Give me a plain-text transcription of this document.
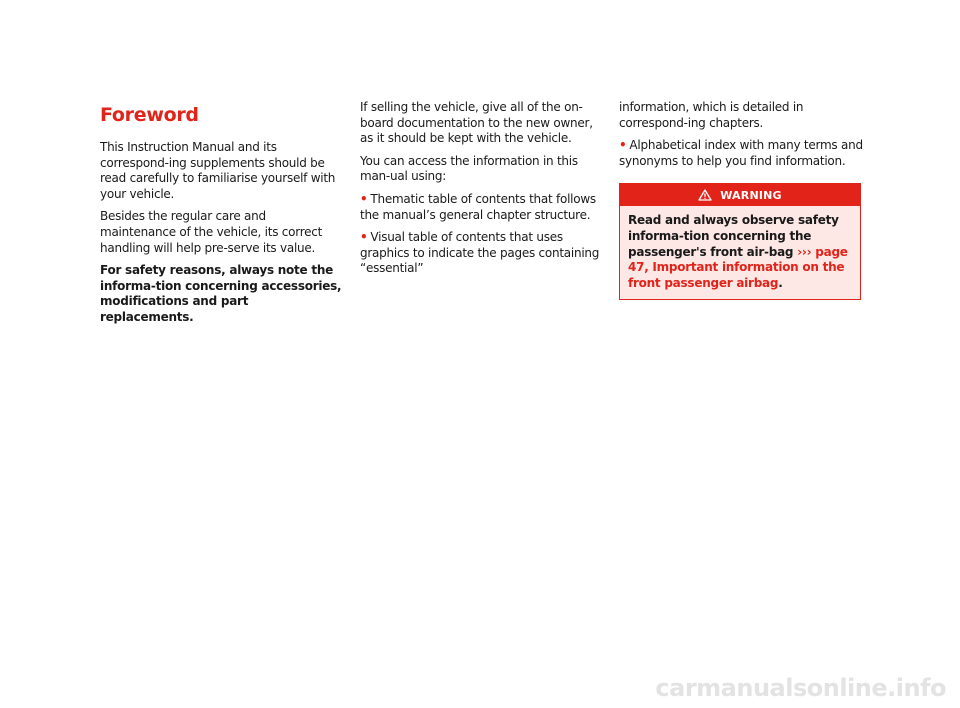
Foreword

This Instruction Manual and its correspond-ing supplements should be read carefully to familiarise yourself with your vehicle.

Besides the regular care and maintenance of the vehicle, its correct handling will help pre-serve its value.

For safety reasons, always note the informa-tion concerning accessories, modifications and part replacements.

If selling the vehicle, give all of the on-board documentation to the new owner, as it should be kept with the vehicle.

You can access the information in this man-ual using:

• Thematic table of contents that follows the manual’s general chapter structure.
• Visual table of contents that uses graphics to indicate the pages containing “essential”

information, which is detailed in correspond-ing chapters.

• Alphabetical index with many terms and synonyms to help you find information.
WARNING
Read and always observe safety informa-tion concerning the passenger's front air-bag ››› page 47, Important information on the front passenger airbag.
carmanualsonline.info
